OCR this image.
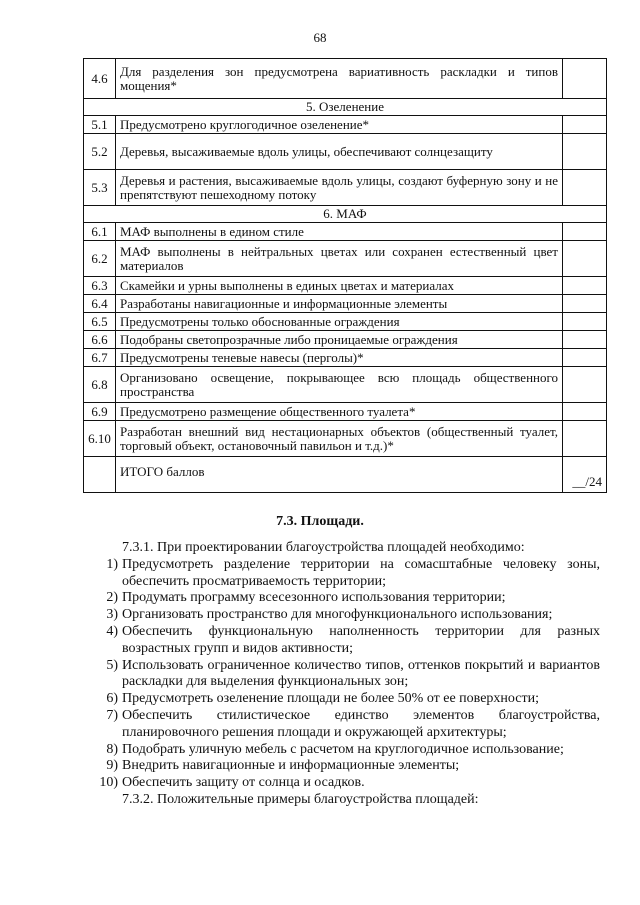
68
4.6	Для разделения зон предусмотрена вариативность раскладки и типов мощения*	
5. Озеленение		
5.1	Предусмотрено круглогодичное озеленение*	
5.2	Деревья, высаживаемые вдоль улицы, обеспечивают солнцезащиту	
5.3	Деревья и растения, высаживаемые вдоль улицы, создают буферную зону и не препятствуют пешеходному потоку	
6. МАФ		
6.1	МАФ выполнены в едином стиле	
6.2	МАФ выполнены в нейтральных цветах или сохранен естественный цвет материалов	
6.3	Скамейки и урны выполнены в единых цветах и материалах	
6.4	Разработаны навигационные и информационные элементы	
6.5	Предусмотрены только обоснованные ограждения	
6.6	Подобраны светопрозрачные либо проницаемые ограждения	
6.7	Предусмотрены теневые навесы (перголы)*	
6.8	Организовано освещение, покрывающее всю площадь общественного пространства	
6.9	Предусмотрено размещение общественного туалета*	
6.10	Разработан внешний вид нестационарных объектов (общественный туалет, торговый объект, остановочный павильон и т.д.)*	
	ИТОГО баллов	__/24
7.3. Площади.

7.3.1. При проектировании благоустройства площадей необходимо:

1) Предусмотреть разделение территории на сомасштабные человеку зоны, обеспечить просматриваемость территории;
2) Продумать программу всесезонного использования территории;
3) Организовать пространство для многофункционального использования;
4) Обеспечить функциональную наполненность территории для разных возрастных групп и видов активности;
5) Использовать ограниченное количество типов, оттенков покрытий и вариантов раскладки для выделения функциональных зон;
6) Предусмотреть озеленение площади не более 50% от ее поверхности;
7) Обеспечить стилистическое единство элементов благоустройства, планировочного решения площади и окружающей архитектуры;
8) Подобрать уличную мебель с расчетом на круглогодичное использование;
9) Внедрить навигационные и информационные элементы;
10) Обеспечить защиту от солнца и осадков.

7.3.2. Положительные примеры благоустройства площадей:
